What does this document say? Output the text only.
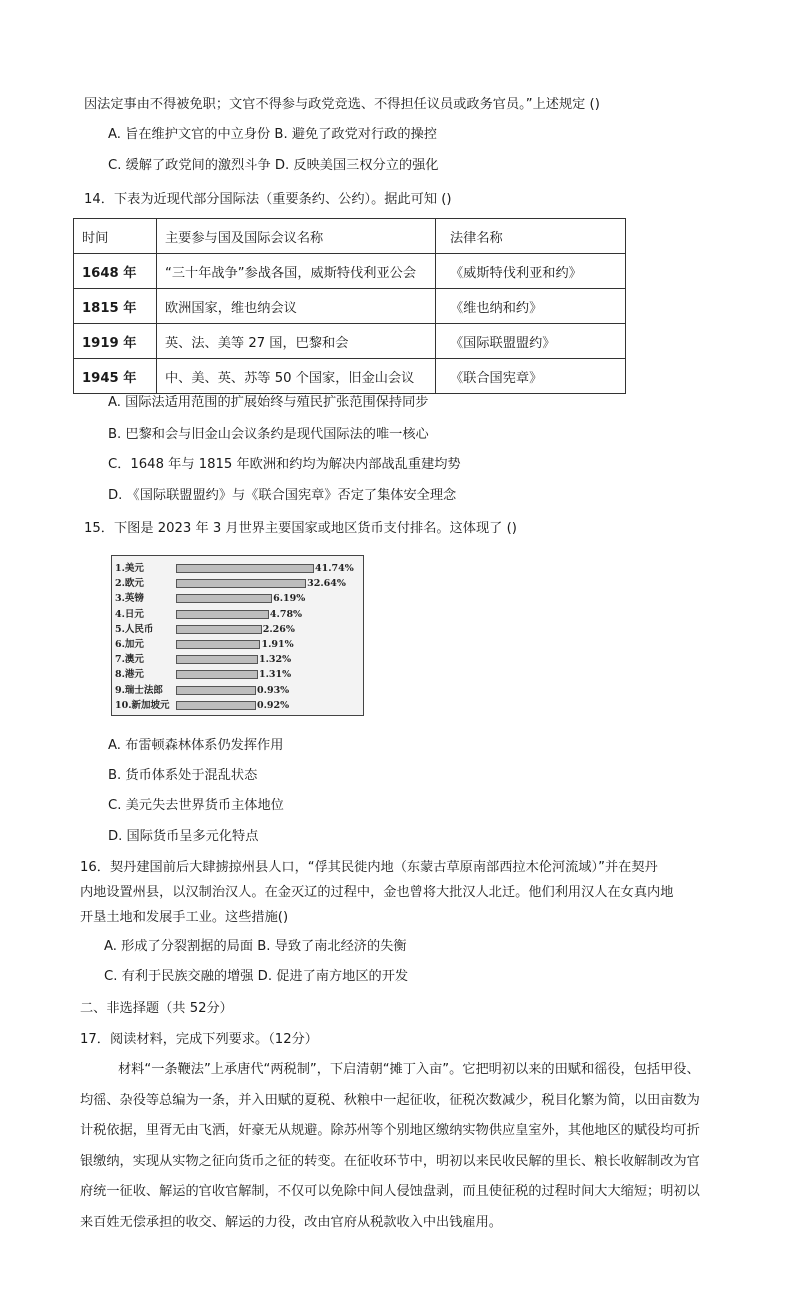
因法定事由不得被免职；文官不得参与政党竞选、不得担任议员或政务官员。”上述规定 ()
A. 旨在维护文官的中立身份 B. 避免了政党对行政的操控
C. 缓解了政党间的激烈斗争 D. 反映美国三权分立的强化
14．下表为近现代部分国际法（重要条约、公约）。据此可知 ()
时间	主要参与国及国际会议名称	法律名称
1648 年	“三十年战争”参战各国，威斯特伐利亚公会	《威斯特伐利亚和约》
1815 年	欧洲国家，维也纳会议	《维也纳和约》
1919 年	英、法、美等 27 国，巴黎和会	《国际联盟盟约》
1945 年	中、美、英、苏等 50 个国家，旧金山会议	《联合国宪章》
A. 国际法适用范围的扩展始终与殖民扩张范围保持同步
B. 巴黎和会与旧金山会议条约是现代国际法的唯一核心
C．1648 年与 1815 年欧洲和约均为解决内部战乱重建均势
D. 《国际联盟盟约》与《联合国宪章》否定了集体安全理念
15．下图是 2023 年 3 月世界主要国家或地区货币支付排名。这体现了 ()
1.美元	41.74%
2.欧元	32.64%
3.英镑	6.19%
4.日元	4.78%
5.人民币	2.26%
6.加元	1.91%
7.澳元	1.32%
8.港元	1.31%
9.瑞士法郎	0.93%
10.新加坡元	0.92%
A. 布雷顿森林体系仍发挥作用
B. 货币体系处于混乱状态
C. 美元失去世界货币主体地位
D. 国际货币呈多元化特点
16．契丹建国前后大肆掳掠州县人口，“俘其民徙内地（东蒙古草原南部西拉木伦河流域）”并在契丹
内地设置州县，以汉制治汉人。在金灭辽的过程中，金也曾将大批汉人北迁。他们利用汉人在女真内地
开垦土地和发展手工业。这些措施()
A. 形成了分裂割据的局面 B. 导致了南北经济的失衡
C. 有利于民族交融的增强 D. 促进了南方地区的开发
二、非选择题（共 52分）
17．阅读材料，完成下列要求。（12分）
材料“一条鞭法”上承唐代“两税制”，下启清朝“摊丁入亩”。它把明初以来的田赋和徭役，包括甲役、均徭、杂役等总编为一条，并入田赋的夏税、秋粮中一起征收，征税次数减少，税目化繁为简，以田亩数为计税依据，里胥无由飞洒，奸豪无从规避。除苏州等个别地区缴纳实物供应皇室外，其他地区的赋役均可折银缴纳，实现从实物之征向货币之征的转变。在征收环节中，明初以来民收民解的里长、粮长收解制改为官府统一征收、解运的官收官解制，不仅可以免除中间人侵蚀盘剥，而且使征税的过程时间大大缩短；明初以来百姓无偿承担的收交、解运的力役，改由官府从税款收入中出钱雇用。
